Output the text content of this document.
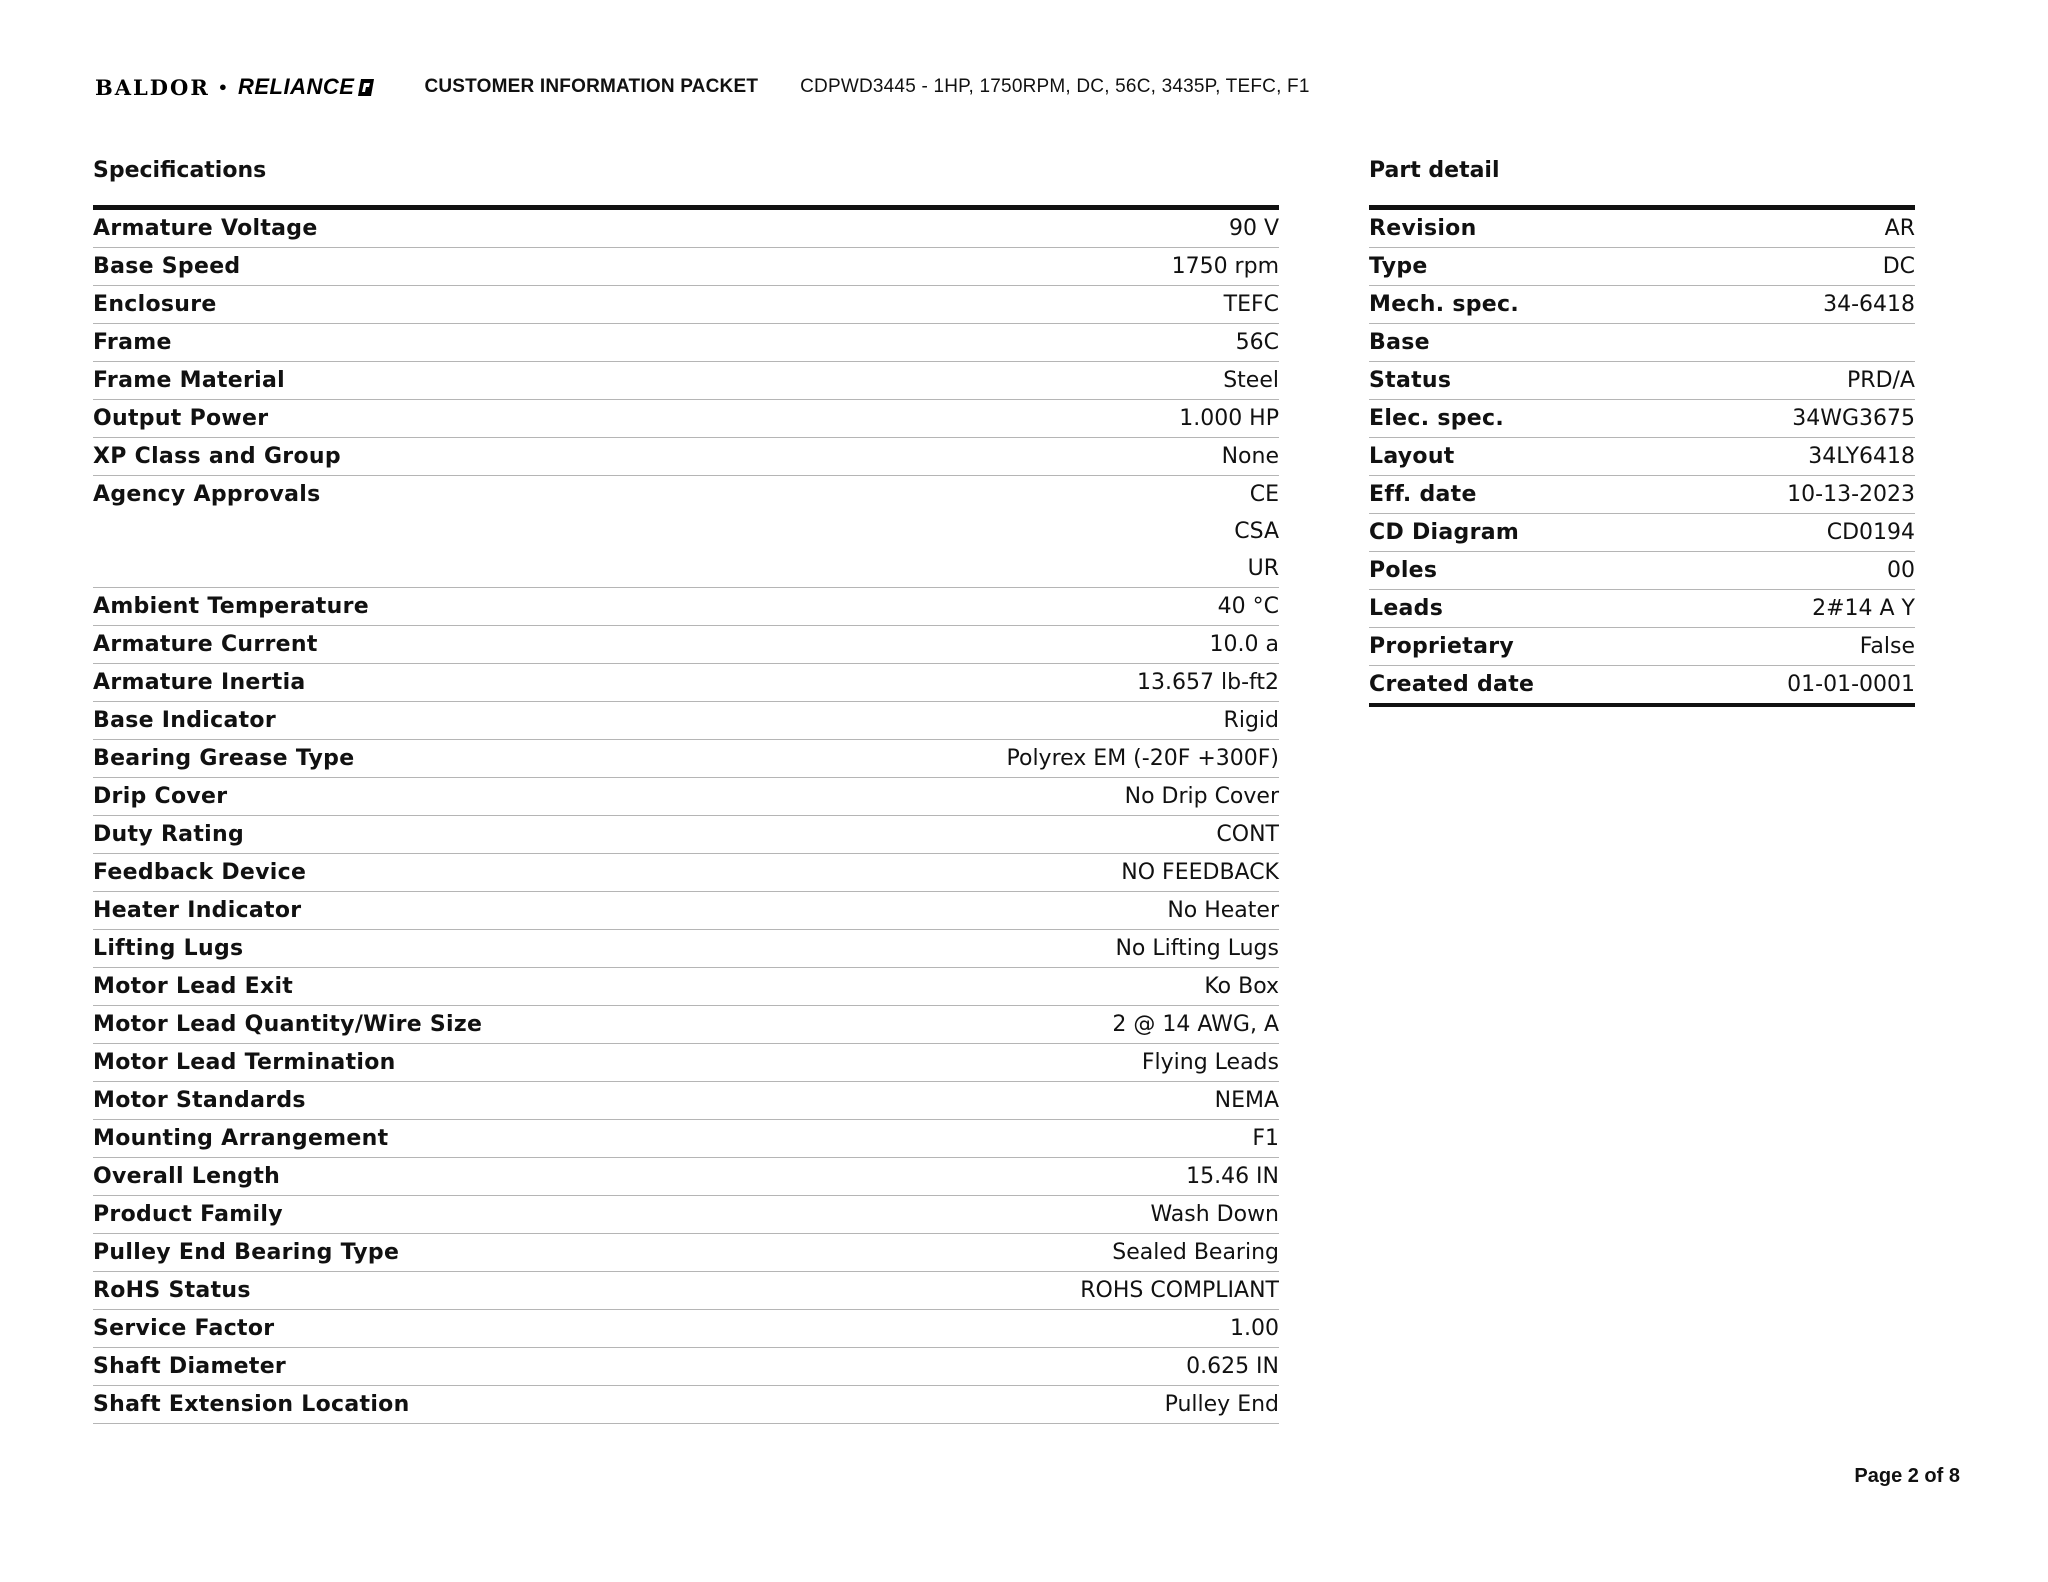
BALDOR • RELIANCE	CUSTOMER INFORMATION PACKET CDPWD3445 - 1HP, 1750RPM, DC, 56C, 3435P, TEFC, F1
Specifications
Armature Voltage	90 V

Base Speed	1750 rpm

Enclosure	TEFC

Frame	56C

Frame Material	Steel

Output Power	1.000 HP

XP Class and Group	None

Agency Approvals	CE
CSA
UR

Ambient Temperature	40 °C

Armature Current	10.0 a

Armature Inertia	13.657 lb-ft2

Base Indicator	Rigid

Bearing Grease Type	Polyrex EM (-20F +300F)

Drip Cover	No Drip Cover

Duty Rating	CONT

Feedback Device	NO FEEDBACK

Heater Indicator	No Heater

Lifting Lugs	No Lifting Lugs

Motor Lead Exit	Ko Box

Motor Lead Quantity/Wire Size	2 @ 14 AWG, A

Motor Lead Termination	Flying Leads

Motor Standards	NEMA

Mounting Arrangement	F1

Overall Length	15.46 IN

Product Family	Wash Down

Pulley End Bearing Type	Sealed Bearing

RoHS Status	ROHS COMPLIANT

Service Factor	1.00

Shaft Diameter	0.625 IN

Shaft Extension Location	Pulley End
Part detail
Revision	AR
Type	DC
Mech. spec.	34-6418
Base	
Status	PRD/A
Elec. spec.	34WG3675
Layout	34LY6418
Eff. date	10-13-2023
CD Diagram	CD0194
Poles	00
Leads	2#14 A Y
Proprietary	False
Created date	01-01-0001
Page 2 of 8
